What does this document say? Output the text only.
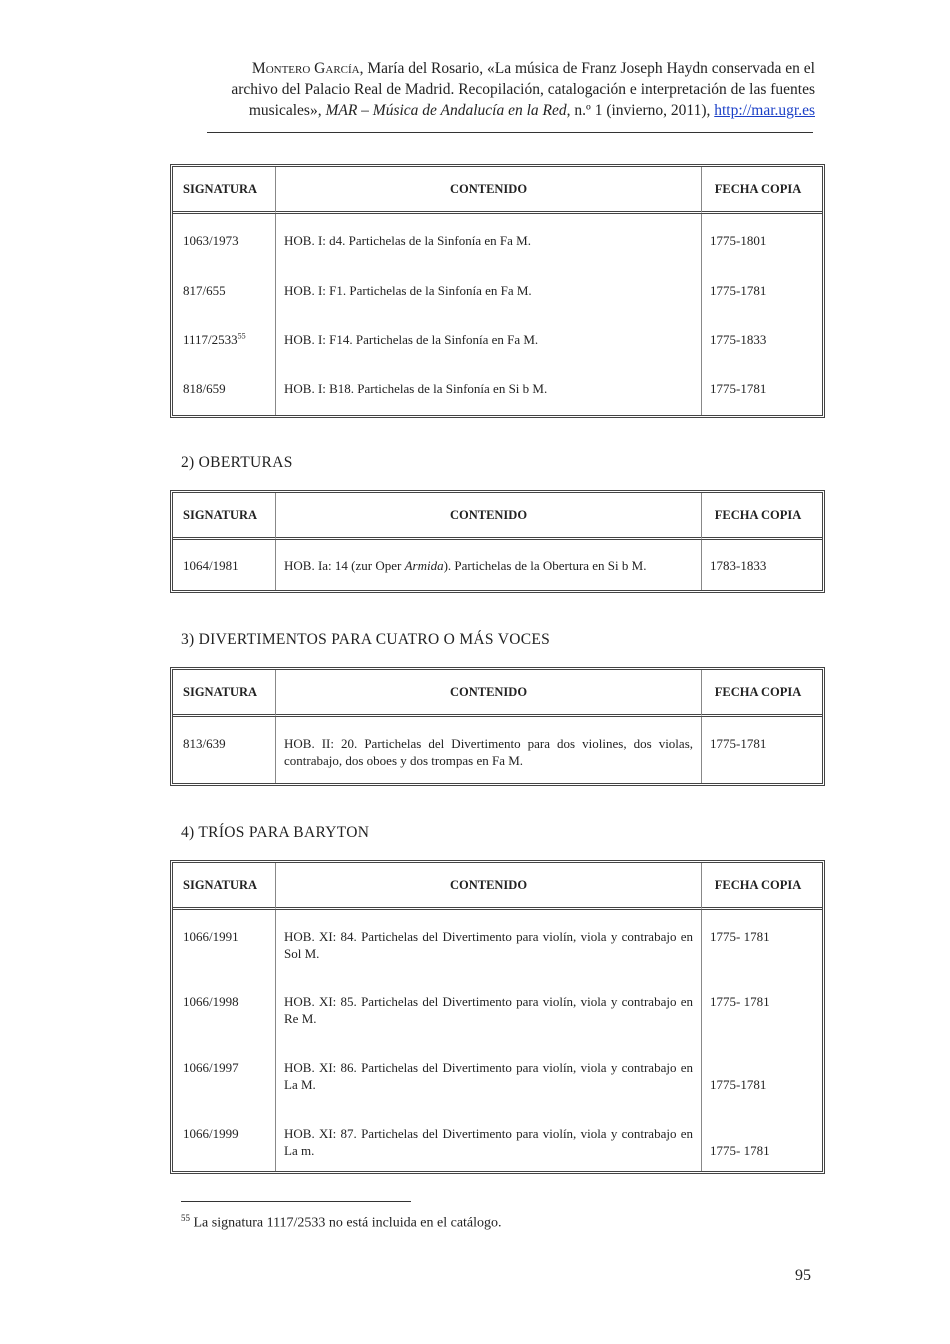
Montero García, María del Rosario, «La música de Franz Joseph Haydn conservada en el archivo del Palacio Real de Madrid. Recopilación, catalogación e interpretación de las fuentes musicales», MAR – Música de Andalucía en la Red, n.º 1 (invierno, 2011), http://mar.ugr.es
SIGNATURA	CONTENIDO	FECHA COPIA
1063/1973	HOB. I: d4. Partichelas de la Sinfonía en Fa M.	1775-1801
817/655	HOB. I: F1. Partichelas de la Sinfonía en Fa M.	1775-1781
1117/2533$^{55}$	HOB. I: F14. Partichelas de la Sinfonía en Fa M.	1775-1833
818/659	HOB. I: B18. Partichelas de la Sinfonía en Si b M.	1775-1781
2) OBERTURAS
SIGNATURA	CONTENIDO	FECHA COPIA
1064/1981	HOB. Ia: 14 (zur Oper Armida). Partichelas de la Obertura en Si b M.	1783-1833
3) DIVERTIMENTOS PARA CUATRO O MÁS VOCES
SIGNATURA	CONTENIDO	FECHA COPIA
813/639	HOB. II: 20. Partichelas del Divertimento para dos violines, dos violas, contrabajo, dos oboes y dos trompas en Fa M.	1775-1781
4) TRÍOS PARA BARYTON
SIGNATURA	CONTENIDO	FECHA COPIA
1066/1991	HOB. XI: 84. Partichelas del Divertimento para violín, viola y contrabajo en Sol M.	1775- 1781
1066/1998	HOB. XI: 85. Partichelas del Divertimento para violín, viola y contrabajo en Re M.	1775- 1781
1066/1997	HOB. XI: 86. Partichelas del Divertimento para violín, viola y contrabajo en La M.	1775-1781
1066/1999	HOB. XI: 87. Partichelas del Divertimento para violín, viola y contrabajo en La m.	1775- 1781
$^{55}$ La signatura 1117/2533 no está incluida en el catálogo.
95
